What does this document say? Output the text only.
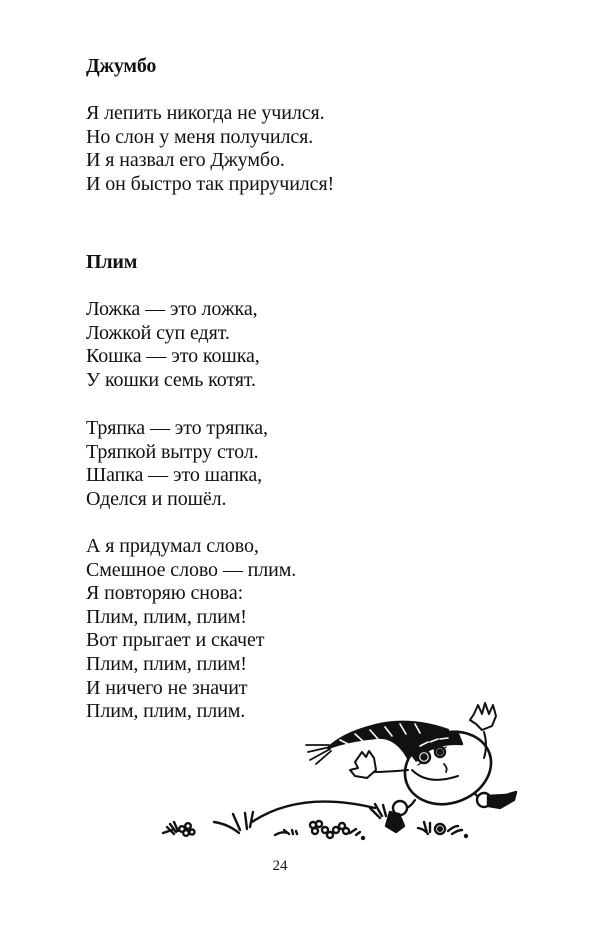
Джумбо
Я лепить никогда не учился.
Но слон у меня получился.
И я назвал его Джумбо.
И он быстро так приручился!
Плим
Ложка — это ложка,
Ложкой суп едят.
Кошка — это кошка,
У кошки семь котят.
Тряпка — это тряпка,
Тряпкой вытру стол.
Шапка — это шапка,
Оделся и пошёл.
А я придумал слово,
Смешное слово — плим.
Я повторяю снова:
Плим, плим, плим!
Вот прыгает и скачет
Плим, плим, плим!
И ничего не значит
Плим, плим, плим.
24
